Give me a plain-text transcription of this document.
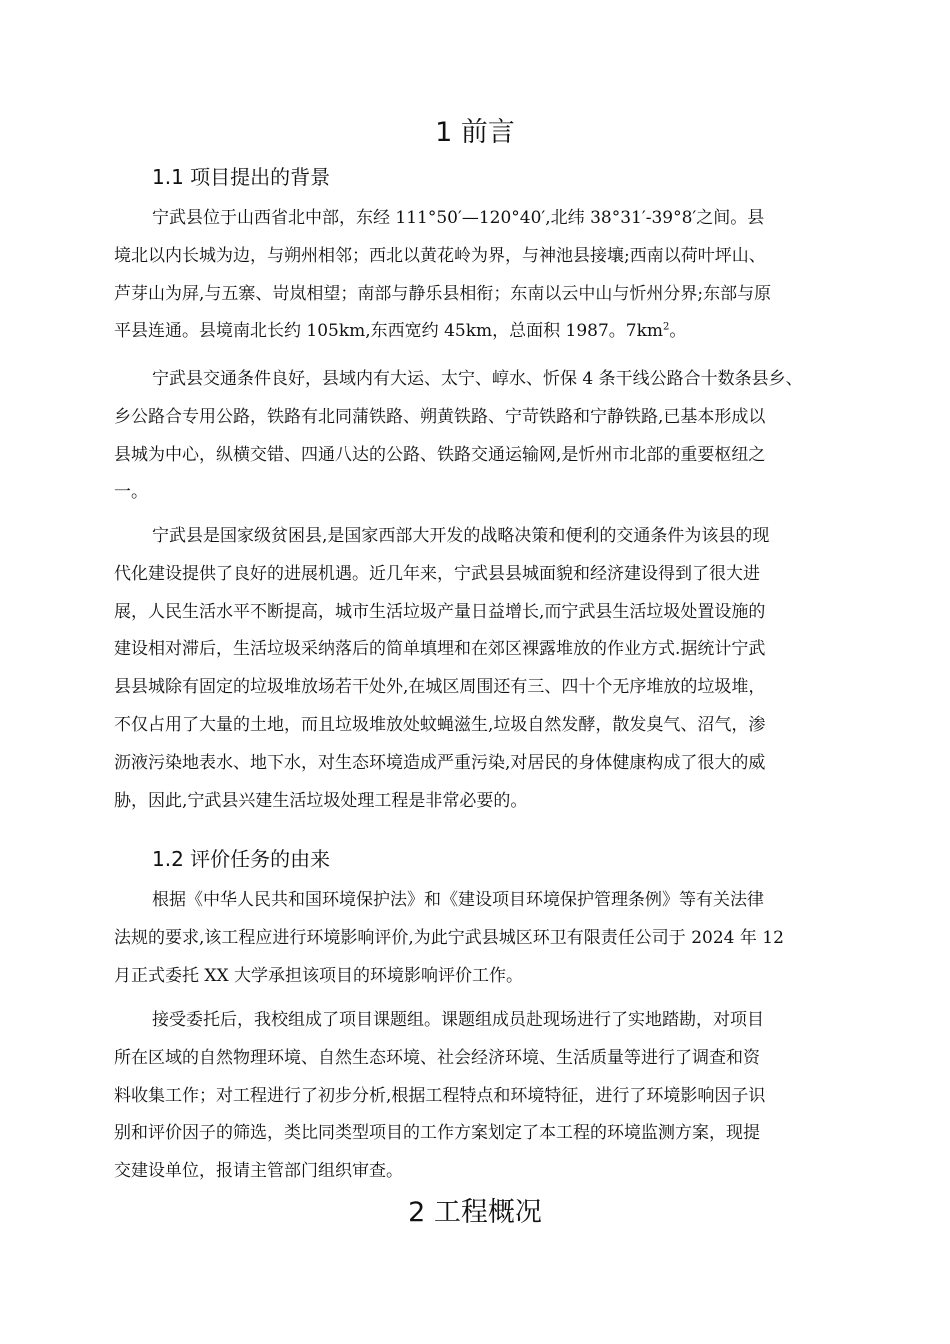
1 前言
1.1 项目提出的背景
宁武县位于山西省北中部，东经 111°50′—120°40′,北纬 38°31′-39°8′之间。县
境北以内长城为边，与朔州相邻；西北以黄花岭为界，与神池县接壤;西南以荷叶坪山、
芦芽山为屏,与五寨、岢岚相望；南部与静乐县相衔；东南以云中山与忻州分界;东部与原
平县连通。县境南北长约 105km,东西宽约 45km，总面积 1987。$7km^2$。
宁武县交通条件良好，县域内有大运、太宁、崞水、忻保 4 条干线公路合十数条县乡、
乡公路合专用公路，铁路有北同蒲铁路、朔黄铁路、宁苛铁路和宁静铁路,已基本形成以
县城为中心，纵横交错、四通八达的公路、铁路交通运输网,是忻州市北部的重要枢纽之
一。
宁武县是国家级贫困县,是国家西部大开发的战略决策和便利的交通条件为该县的现
代化建设提供了良好的进展机遇。近几年来，宁武县县城面貌和经济建设得到了很大进
展，人民生活水平不断提高，城市生活垃圾产量日益增长,而宁武县生活垃圾处置设施的
建设相对滞后，生活垃圾采纳落后的简单填埋和在郊区裸露堆放的作业方式.据统计宁武
县县城除有固定的垃圾堆放场若干处外,在城区周围还有三、四十个无序堆放的垃圾堆，
不仅占用了大量的土地，而且垃圾堆放处蚊蝇滋生,垃圾自然发酵，散发臭气、沼气，渗
沥液污染地表水、地下水，对生态环境造成严重污染,对居民的身体健康构成了很大的威
胁，因此,宁武县兴建生活垃圾处理工程是非常必要的。
1.2 评价任务的由来
根据《中华人民共和国环境保护法》和《建设项目环境保护管理条例》等有关法律
法规的要求,该工程应进行环境影响评价,为此宁武县城区环卫有限责任公司于 2024 年 12
月正式委托 XX 大学承担该项目的环境影响评价工作。
接受委托后，我校组成了项目课题组。课题组成员赴现场进行了实地踏勘，对项目
所在区域的自然物理环境、自然生态环境、社会经济环境、生活质量等进行了调查和资
料收集工作；对工程进行了初步分析,根据工程特点和环境特征，进行了环境影响因子识
别和评价因子的筛选，类比同类型项目的工作方案划定了本工程的环境监测方案，现提
交建设单位，报请主管部门组织审查。
2 工程概况
